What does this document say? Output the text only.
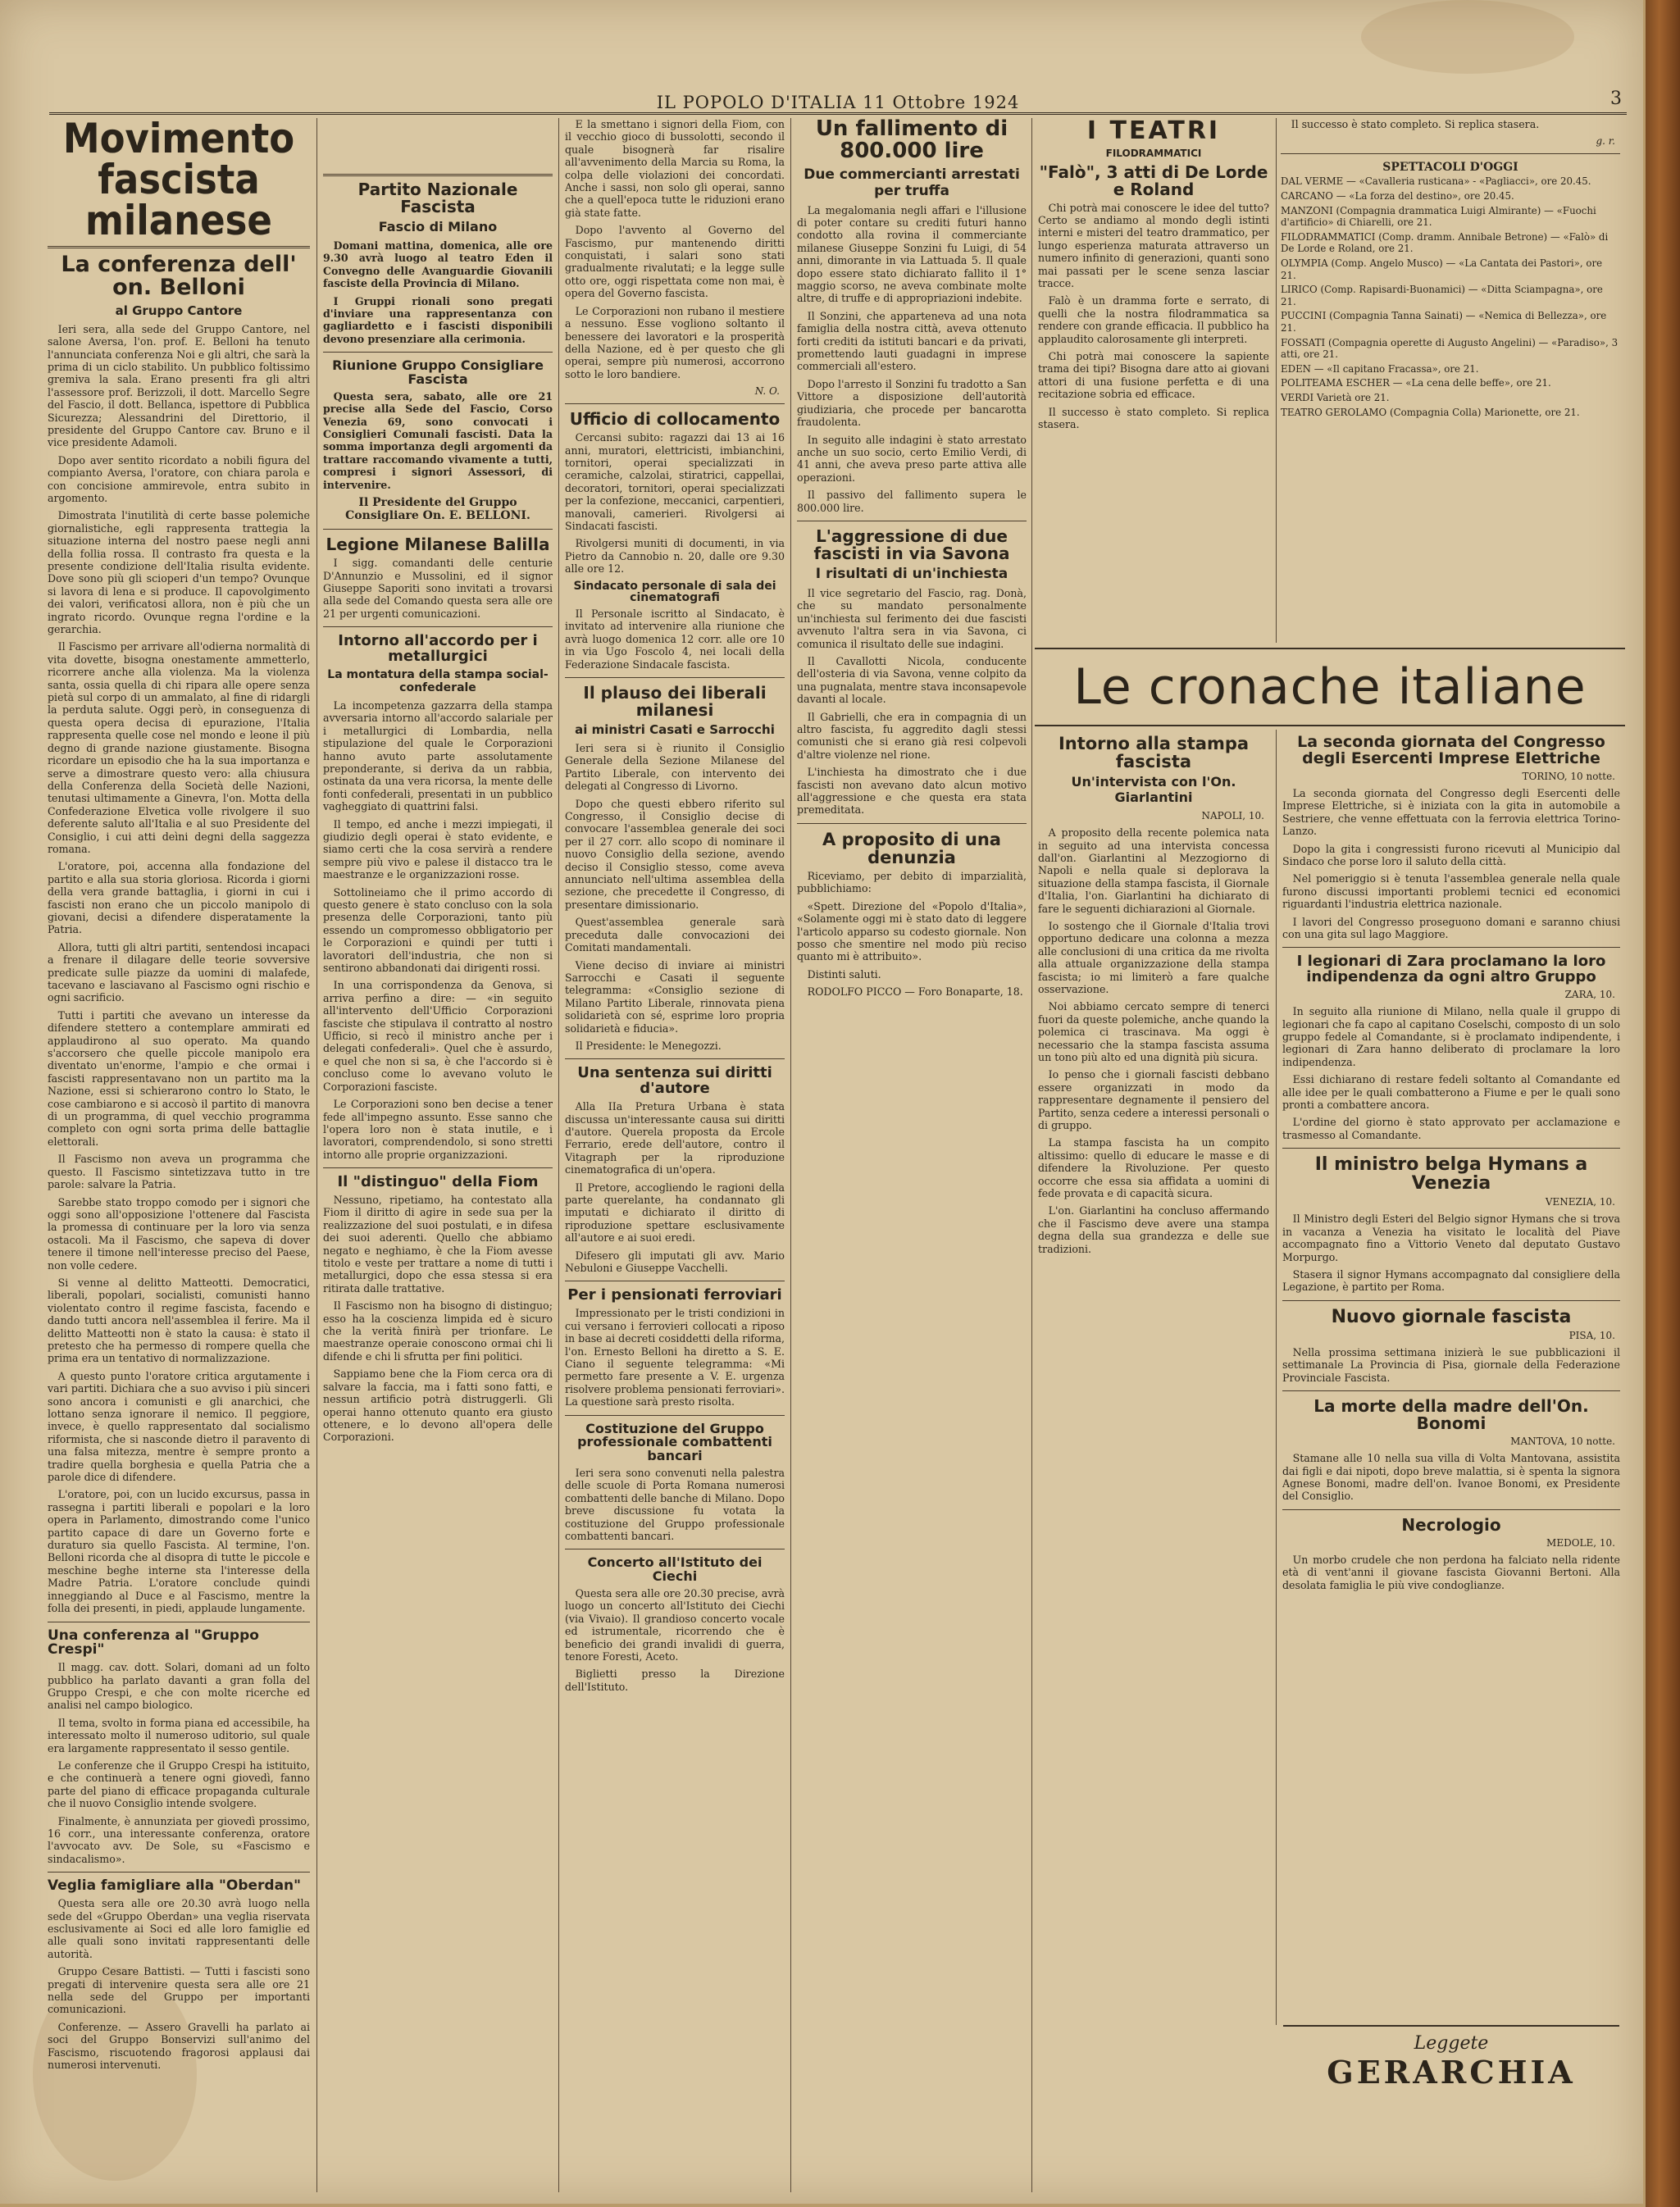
IL POPOLO D'ITALIA 11 Ottobre 1924	3
Movimento fascista milanese
La conferenza dell' on. Belloni
al Gruppo Cantore

Ieri sera, alla sede del Gruppo Cantore, nel salone Aversa, l'on. prof. E. Belloni ha tenuto l'annunciata conferenza Noi e gli altri, che sarà la prima di un ciclo stabilito. Un pubblico foltissimo gremiva la sala. Erano presenti fra gli altri l'assessore prof. Berizzoli, il dott. Marcello Segre del Fascio, il dott. Bellanca, ispettore di Pubblica Sicurezza; Alessandrini del Direttorio, il presidente del Gruppo Cantore cav. Bruno e il vice presidente Adamoli.

Dopo aver sentito ricordato a nobili figura del compianto Aversa, l'oratore, con chiara parola e con concisione ammirevole, entra subito in argomento.

Dimostrata l'inutilità di certe basse polemiche giornalistiche, egli rappresenta trattegia la situazione interna del nostro paese negli anni della follia rossa. Il contrasto fra questa e la presente condizione dell'Italia risulta evidente. Dove sono più gli scioperi d'un tempo? Ovunque si lavora di lena e si produce. Il capovolgimento dei valori, verificatosi allora, non è più che un ingrato ricordo. Ovunque regna l'ordine e la gerarchia.

Il Fascismo per arrivare all'odierna normalità di vita dovette, bisogna onestamente ammetterlo, ricorrere anche alla violenza. Ma la violenza santa, ossia quella di chi ripara alle opere senza pietà sul corpo di un ammalato, al fine di ridargli la perduta salute. Oggi però, in conseguenza di questa opera decisa di epurazione, l'Italia rappresenta quelle cose nel mondo e leone il più degno di grande nazione giustamente. Bisogna ricordare un episodio che ha la sua importanza e serve a dimostrare questo vero: alla chiusura della Conferenza della Società delle Nazioni, tenutasi ultimamente a Ginevra, l'on. Motta della Confederazione Elvetica volle rivolgere il suo deferente saluto all'Italia e al suo Presidente del Consiglio, i cui atti deìni degni della saggezza romana.

L'oratore, poi, accenna alla fondazione del partito e alla sua storia gloriosa. Ricorda i giorni della vera grande battaglia, i giorni in cui i fascisti non erano che un piccolo manipolo di giovani, decisi a difendere disperatamente la Patria.

Allora, tutti gli altri partiti, sentendosi incapaci a frenare il dilagare delle teorie sovversive predicate sulle piazze da uomini di malafede, tacevano e lasciavano al Fascismo ogni rischio e ogni sacrificio.

Tutti i partiti che avevano un interesse da difendere stettero a contemplare ammirati ed applaudirono al suo operato. Ma quando s'accorsero che quelle piccole manipolo era diventato un'enorme, l'ampio e che ormai i fascisti rappresentavano non un partito ma la Nazione, essi si schierarono contro lo Stato, le cose cambiarono e si accosò il partito di manovra di un programma, di quel vecchio programma completo con ogni sorta prima delle battaglie elettorali.

Il Fascismo non aveva un programma che questo. Il Fascismo sintetizzava tutto in tre parole: salvare la Patria.

Sarebbe stato troppo comodo per i signori che oggi sono all'opposizione l'ottenere dal Fascista la promessa di continuare per la loro via senza ostacoli. Ma il Fascismo, che sapeva di dover tenere il timone nell'interesse preciso del Paese, non volle cedere.

Si venne al delitto Matteotti. Democratici, liberali, popolari, socialisti, comunisti hanno violentato contro il regime fascista, facendo e dando tutti ancora nell'assemblea il ferire. Ma il delitto Matteotti non è stato la causa: è stato il pretesto che ha permesso di rompere quella che prima era un tentativo di normalizzazione.

A questo punto l'oratore critica argutamente i vari partiti. Dichiara che a suo avviso i più sinceri sono ancora i comunisti e gli anarchici, che lottano senza ignorare il nemico. Il peggiore, invece, è quello rappresentato dal socialismo riformista, che si nasconde dietro il paravento di una falsa mitezza, mentre è sempre pronto a tradire quella borghesia e quella Patria che a parole dice di difendere.

L'oratore, poi, con un lucido excursus, passa in rassegna i partiti liberali e popolari e la loro opera in Parlamento, dimostrando come l'unico partito capace di dare un Governo forte e duraturo sia quello Fascista. Al termine, l'on. Belloni ricorda che al disopra di tutte le piccole e meschine beghe interne sta l'interesse della Madre Patria. L'oratore conclude quindi inneggiando al Duce e al Fascismo, mentre la folla dei presenti, in piedi, applaude lungamente.

Una conferenza al "Gruppo Crespi"

Il magg. cav. dott. Solari, domani ad un folto pubblico ha parlato davanti a gran folla del Gruppo Crespi, e che con molte ricerche ed analisi nel campo biologico.

Il tema, svolto in forma piana ed accessibile, ha interessato molto il numeroso uditorio, sul quale era largamente rappresentato il sesso gentile.

Le conferenze che il Gruppo Crespi ha istituito, e che continuerà a tenere ogni giovedì, fanno parte del piano di efficace propaganda culturale che il nuovo Consiglio intende svolgere.

Finalmente, è annunziata per giovedì prossimo, 16 corr., una interessante conferenza, oratore l'avvocato avv. De Sole, su «Fascismo e sindacalismo».

Veglia famigliare alla "Oberdan"

Questa sera alle ore 20.30 avrà luogo nella sede del «Gruppo Oberdan» una veglia riservata esclusivamente ai Soci ed alle loro famiglie ed alle quali sono invitati rappresentanti delle autorità.

Gruppo Cesare Battisti. — Tutti i fascisti sono pregati di intervenire questa sera alle ore 21 nella sede del Gruppo per importanti comunicazioni.

Conferenze. — Assero Gravelli ha parlato ai soci del Gruppo Bonservizi sull'animo del Fascismo, riscuotendo fragorosi applausi dai numerosi intervenuti.

Partito Nazionale Fascista
Fascio di Milano

Domani mattina, domenica, alle ore 9.30 avrà luogo al teatro Eden il Convegno delle Avanguardie Giovanili fasciste della Provincia di Milano.

I Gruppi rionali sono pregati d'inviare una rappresentanza con gagliardetto e i fascisti disponibili devono presenziare alla cerimonia.

Riunione Gruppo Consigliare Fascista

Questa sera, sabato, alle ore 21 precise alla Sede del Fascio, Corso Venezia 69, sono convocati i Consiglieri Comunali fascisti. Data la somma importanza degli argomenti da trattare raccomando vivamente a tutti, compresi i signori Assessori, di intervenire.

Il Presidente del Gruppo Consigliare On. E. BELLONI.

Legione Milanese Balilla

I sigg. comandanti delle centurie D'Annunzio e Mussolini, ed il signor Giuseppe Saporiti sono invitati a trovarsi alla sede del Comando questa sera alle ore 21 per urgenti comunicazioni.

Intorno all'accordo per i metallurgici
La montatura della stampa social-confederale

La incompetenza gazzarra della stampa avversaria intorno all'accordo salariale per i metallurgici di Lombardia, nella stipulazione del quale le Corporazioni hanno avuto parte assolutamente preponderante, si deriva da un rabbia, ostinata da una vera ricorsa, la mente delle fonti confederali, presentati in un pubblico vagheggiato di quattrini falsi.

Il tempo, ed anche i mezzi impiegati, il giudizio degli operai è stato evidente, e siamo certi che la cosa servirà a rendere sempre più vivo e palese il distacco tra le maestranze e le organizzazioni rosse.

Sottolineiamo che il primo accordo di questo genere è stato concluso con la sola presenza delle Corporazioni, tanto più essendo un compromesso obbligatorio per le Corporazioni e quindi per tutti i lavoratori dell'industria, che non si sentirono abbandonati dai dirigenti rossi.

In una corrispondenza da Genova, si arriva perfino a dire: — «in seguito all'intervento dell'Ufficio Corporazioni fasciste che stipulava il contratto al nostro Ufficio, si recò il ministro anche per i delegati confederali». Quel che è assurdo, e quel che non si sa, è che l'accordo si è concluso come lo avevano voluto le Corporazioni fasciste.

Le Corporazioni sono ben decise a tener fede all'impegno assunto. Esse sanno che l'opera loro non è stata inutile, e i lavoratori, comprendendolo, si sono stretti intorno alle proprie organizzazioni.

Il "distinguo" della Fiom

Nessuno, ripetiamo, ha contestato alla Fiom il diritto di agire in sede sua per la realizzazione del suoi postulati, e in difesa dei suoi aderenti. Quello che abbiamo negato e neghiamo, è che la Fiom avesse titolo e veste per trattare a nome di tutti i metallurgici, dopo che essa stessa si era ritirata dalle trattative.

Il Fascismo non ha bisogno di distinguo; esso ha la coscienza limpida ed è sicuro che la verità finirà per trionfare. Le maestranze operaie conoscono ormai chi li difende e chi li sfrutta per fini politici.

Sappiamo bene che la Fiom cerca ora di salvare la faccia, ma i fatti sono fatti, e nessun artificio potrà distruggerli. Gli operai hanno ottenuto quanto era giusto ottenere, e lo devono all'opera delle Corporazioni.

E la smettano i signori della Fiom, con il vecchio gioco di bussolotti, secondo il quale bisognerà far risalire all'avvenimento della Marcia su Roma, la colpa delle violazioni dei concordati. Anche i sassi, non solo gli operai, sanno che a quell'epoca tutte le riduzioni erano già state fatte.

Dopo l'avvento al Governo del Fascismo, pur mantenendo diritti conquistati, i salari sono stati gradualmente rivalutati; e la legge sulle otto ore, oggi rispettata come non mai, è opera del Governo fascista.

Le Corporazioni non rubano il mestiere a nessuno. Esse vogliono soltanto il benessere dei lavoratori e la prosperità della Nazione, ed è per questo che gli operai, sempre più numerosi, accorrono sotto le loro bandiere.

N. O.

Ufficio di collocamento

Cercansi subito: ragazzi dai 13 ai 16 anni, muratori, elettricisti, imbianchini, tornitori, operai specializzati in ceramiche, calzolai, stiratrici, cappellai, decoratori, tornitori, operai specializzati per la confezione, meccanici, carpentieri, manovali, camerieri. Rivolgersi ai Sindacati fascisti.

Rivolgersi muniti di documenti, in via Pietro da Cannobio n. 20, dalle ore 9.30 alle ore 12.

Sindacato personale di sala dei cinematografi

Il Personale iscritto al Sindacato, è invitato ad intervenire alla riunione che avrà luogo domenica 12 corr. alle ore 10 in via Ugo Foscolo 4, nei locali della Federazione Sindacale fascista.

Il plauso dei liberali milanesi
ai ministri Casati e Sarrocchi

Ieri sera si è riunito il Consiglio Generale della Sezione Milanese del Partito Liberale, con intervento dei delegati al Congresso di Livorno.

Dopo che questi ebbero riferito sul Congresso, il Consiglio decise di convocare l'assemblea generale dei soci per il 27 corr. allo scopo di nominare il nuovo Consiglio della sezione, avendo deciso il Consiglio stesso, come aveva annunciato nell'ultima assemblea della sezione, che precedette il Congresso, di presentare dimissionario.

Quest'assemblea generale sarà preceduta dalle convocazioni dei Comitati mandamentali.

Viene deciso di inviare ai ministri Sarrocchi e Casati il seguente telegramma: «Consiglio sezione di Milano Partito Liberale, rinnovata piena solidarietà con sé, esprime loro propria solidarietà e fiducia».

Il Presidente: le Menegozzi.

Una sentenza sui diritti d'autore

Alla IIa Pretura Urbana è stata discussa un'interessante causa sui diritti d'autore. Querela proposta da Ercole Ferrario, erede dell'autore, contro il Vitagraph per la riproduzione cinematografica di un'opera.

Il Pretore, accogliendo le ragioni della parte querelante, ha condannato gli imputati e dichiarato il diritto di riproduzione spettare esclusivamente all'autore e ai suoi eredi.

Difesero gli imputati gli avv. Mario Nebuloni e Giuseppe Vacchelli.

Per i pensionati ferroviari

Impressionato per le tristi condizioni in cui versano i ferrovieri collocati a riposo in base ai decreti cosiddetti della riforma, l'on. Ernesto Belloni ha diretto a S. E. Ciano il seguente telegramma: «Mi permetto fare presente a V. E. urgenza risolvere problema pensionati ferroviari». La questione sarà presto risolta.

Costituzione del Gruppo professionale combattenti bancari

Ieri sera sono convenuti nella palestra delle scuole di Porta Romana numerosi combattenti delle banche di Milano. Dopo breve discussione fu votata la costituzione del Gruppo professionale combattenti bancari.

Concerto all'Istituto dei Ciechi

Questa sera alle ore 20.30 precise, avrà luogo un concerto all'Istituto dei Ciechi (via Vivaio). Il grandioso concerto vocale ed istrumentale, ricorrendo che è beneficio dei grandi invalidi di guerra, tenore Foresti, Aceto.

Biglietti presso la Direzione dell'Istituto.

Un fallimento di 800.000 lire
Due commercianti arrestati per truffa

La megalomania negli affari e l'illusione di poter contare su crediti futuri hanno condotto alla rovina il commerciante milanese Giuseppe Sonzini fu Luigi, di 54 anni, dimorante in via Lattuada 5. Il quale dopo essere stato dichiarato fallito il 1° maggio scorso, ne aveva combinate molte altre, di truffe e di appropriazioni indebite.

Il Sonzini, che apparteneva ad una nota famiglia della nostra città, aveva ottenuto forti crediti da istituti bancari e da privati, promettendo lauti guadagni in imprese commerciali all'estero.

Dopo l'arresto il Sonzini fu tradotto a San Vittore a disposizione dell'autorità giudiziaria, che procede per bancarotta fraudolenta.

In seguito alle indagini è stato arrestato anche un suo socio, certo Emilio Verdi, di 41 anni, che aveva preso parte attiva alle operazioni.

Il passivo del fallimento supera le 800.000 lire.

L'aggressione di due fascisti in via Savona
I risultati di un'inchiesta

Il vice segretario del Fascio, rag. Donà, che su mandato personalmente un'inchiesta sul ferimento dei due fascisti avvenuto l'altra sera in via Savona, ci comunica il risultato delle sue indagini.

Il Cavallotti Nicola, conducente dell'osteria di via Savona, venne colpito da una pugnalata, mentre stava inconsapevole davanti al locale.

Il Gabrielli, che era in compagnia di un altro fascista, fu aggredito dagli stessi comunisti che si erano già resi colpevoli d'altre violenze nel rione.

L'inchiesta ha dimostrato che i due fascisti non avevano dato alcun motivo all'aggressione e che questa era stata premeditata.

A proposito di una denunzia

Riceviamo, per debito di imparzialità, pubblichiamo:

«Spett. Direzione del «Popolo d'Italia», «Solamente oggi mi è stato dato di leggere l'articolo apparso su codesto giornale. Non posso che smentire nel modo più reciso quanto mi è attribuito».

Distinti saluti.

RODOLFO PICCO — Foro Bonaparte, 18.

I TEATRI
FILODRAMMATICI
"Falò", 3 atti di De Lorde e Roland

Chi potrà mai conoscere le idee del tutto? Certo se andiamo al mondo degli istinti interni e misteri del teatro drammatico, per lungo esperienza maturata attraverso un numero infinito di generazioni, quanti sono mai passati per le scene senza lasciar tracce.

Falò è un dramma forte e serrato, di quelli che la nostra filodrammatica sa rendere con grande efficacia. Il pubblico ha applaudito calorosamente gli interpreti.

Chi potrà mai conoscere la sapiente trama dei tipi? Bisogna dare atto ai giovani attori di una fusione perfetta e di una recitazione sobria ed efficace.

Il successo è stato completo. Si replica stasera.

Il successo è stato completo. Si replica stasera.

g. r.

SPETTACOLI D'OGGI

DAL VERME — «Cavalleria rusticana» - «Pagliacci», ore 20.45.

CARCANO — «La forza del destino», ore 20.45.

MANZONI (Compagnia drammatica Luigi Almirante) — «Fuochi d'artificio» di Chiarelli, ore 21.

FILODRAMMATICI (Comp. dramm. Annibale Betrone) — «Falò» di De Lorde e Roland, ore 21.

OLYMPIA (Comp. Angelo Musco) — «La Cantata dei Pastori», ore 21.

LIRICO (Comp. Rapisardi-Buonamici) — «Ditta Sciampagna», ore 21.

PUCCINI (Compagnia Tanna Sainati) — «Nemica di Bellezza», ore 21.

FOSSATI (Compagnia operette di Augusto Angelini) — «Paradiso», 3 atti, ore 21.

EDEN — «Il capitano Fracassa», ore 21.

POLITEAMA ESCHER — «La cena delle beffe», ore 21.

VERDI Varietà ore 21.

TEATRO GEROLAMO (Compagnia Colla) Marionette, ore 21.

Le cronache italiane
Intorno alla stampa fascista
Un'intervista con l'On. Giarlantini

NAPOLI, 10.

A proposito della recente polemica nata in seguito ad una intervista concessa dall'on. Giarlantini al Mezzogiorno di Napoli e nella quale si deplorava la situazione della stampa fascista, il Giornale d'Italia, l'on. Giarlantini ha dichiarato di fare le seguenti dichiarazioni al Giornale.

Io sostengo che il Giornale d'Italia trovi opportuno dedicare una colonna a mezza alle conclusioni di una critica da me rivolta alla attuale organizzazione della stampa fascista; io mi limiterò a fare qualche osservazione.

Noi abbiamo cercato sempre di tenerci fuori da queste polemiche, anche quando la polemica ci trascinava. Ma oggi è necessario che la stampa fascista assuma un tono più alto ed una dignità più sicura.

Io penso che i giornali fascisti debbano essere organizzati in modo da rappresentare degnamente il pensiero del Partito, senza cedere a interessi personali o di gruppo.

La stampa fascista ha un compito altissimo: quello di educare le masse e di difendere la Rivoluzione. Per questo occorre che essa sia affidata a uomini di fede provata e di capacità sicura.

L'on. Giarlantini ha concluso affermando che il Fascismo deve avere una stampa degna della sua grandezza e delle sue tradizioni.

La seconda giornata del Congresso degli Esercenti Imprese Elettriche

TORINO, 10 notte.

La seconda giornata del Congresso degli Esercenti delle Imprese Elettriche, si è iniziata con la gita in automobile a Sestriere, che venne effettuata con la ferrovia elettrica Torino-Lanzo.

Dopo la gita i congressisti furono ricevuti al Municipio dal Sindaco che porse loro il saluto della città.

Nel pomeriggio si è tenuta l'assemblea generale nella quale furono discussi importanti problemi tecnici ed economici riguardanti l'industria elettrica nazionale.

I lavori del Congresso proseguono domani e saranno chiusi con una gita sul lago Maggiore.

I legionari di Zara proclamano la loro indipendenza da ogni altro Gruppo

ZARA, 10.

In seguito alla riunione di Milano, nella quale il gruppo di legionari che fa capo al capitano Coselschi, composto di un solo gruppo fedele al Comandante, si è proclamato indipendente, i legionari di Zara hanno deliberato di proclamare la loro indipendenza.

Essi dichiarano di restare fedeli soltanto al Comandante ed alle idee per le quali combatterono a Fiume e per le quali sono pronti a combattere ancora.

L'ordine del giorno è stato approvato per acclamazione e trasmesso al Comandante.

Il ministro belga Hymans a Venezia

VENEZIA, 10.

Il Ministro degli Esteri del Belgio signor Hymans che si trova in vacanza a Venezia ha visitato le località del Piave accompagnato fino a Vittorio Veneto dal deputato Gustavo Morpurgo.

Stasera il signor Hymans accompagnato dal consigliere della Legazione, è partito per Roma.

Nuovo giornale fascista

PISA, 10.

Nella prossima settimana inizierà le sue pubblicazioni il settimanale La Provincia di Pisa, giornale della Federazione Provinciale Fascista.

La morte della madre dell'On. Bonomi

MANTOVA, 10 notte.

Stamane alle 10 nella sua villa di Volta Mantovana, assistita dai figli e dai nipoti, dopo breve malattia, si è spenta la signora Agnese Bonomi, madre dell'on. Ivanoe Bonomi, ex Presidente del Consiglio.

Necrologio

MEDOLE, 10.

Un morbo crudele che non perdona ha falciato nella ridente età di vent'anni il giovane fascista Giovanni Bertoni. Alla desolata famiglia le più vive condoglianze.

Leggete
GERARCHIA
